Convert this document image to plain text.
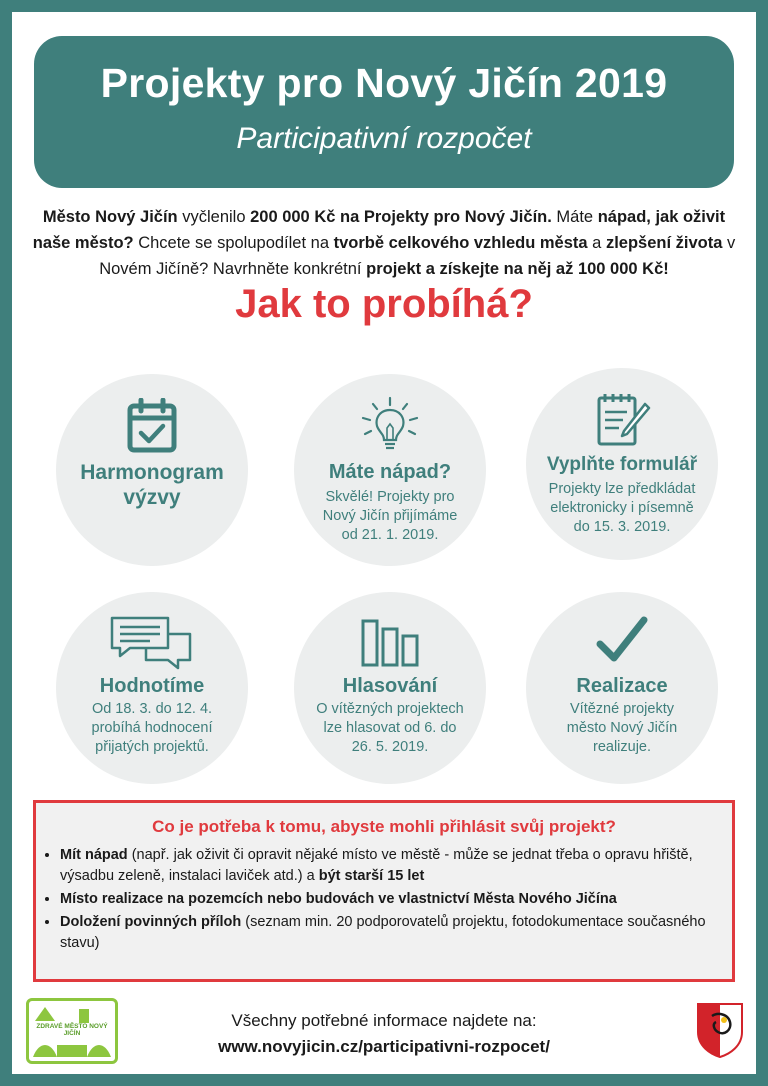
Projekty pro Nový Jičín 2019
Participativní rozpočet
Město Nový Jičín vyčlenilo 200 000 Kč na Projekty pro Nový Jičín. Máte nápad, jak oživit naše město? Chcete se spolupodílet na tvorbě celkového vzhledu města a zlepšení života v Novém Jičíně? Navrhněte konkrétní projekt a získejte na něj až 100 000 Kč!
Jak to probíhá?
Harmonogram výzvy
Máte nápad?
Skvělé! Projekty pro Nový Jičín přijímáme od 21. 1. 2019.
Vyplňte formulář
Projekty lze předkládat elektronicky i písemně do 15. 3. 2019.
Hodnotíme
Od 18. 3. do 12. 4. probíhá hodnocení přijatých projektů.
Hlasování
O vítězných projektech lze hlasovat od 6. do 26. 5. 2019.
Realizace
Vítězné projekty město Nový Jičín realizuje.
Co je potřeba k tomu, abyste mohli přihlásit svůj projekt?
• Mít nápad (např. jak oživit či opravit nějaké místo ve městě - může se jednat třeba o opravu hřiště, výsadbu zeleně, instalaci laviček atd.) a být starší 15 let
• Místo realizace na pozemcích nebo budovách ve vlastnictví Města Nového Jičína
• Doložení povinných příloh (seznam min. 20 podporovatelů projektu, fotodokumentace současného stavu)
ZDRAVÉ MĚSTO NOVÝ JIČÍN
Všechny potřebné informace najdete na:
www.novyjicin.cz/participativni-rozpocet/
